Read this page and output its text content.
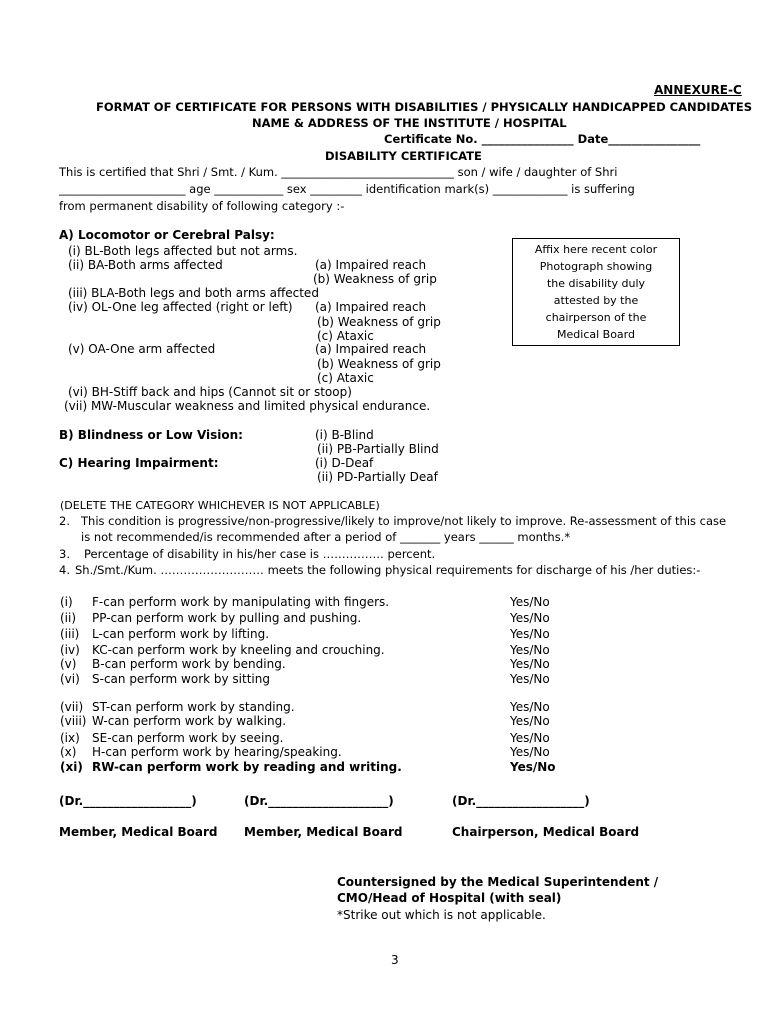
ANNEXURE-C
FORMAT OF CERTIFICATE FOR PERSONS WITH DISABILITIES / PHYSICALLY HANDICAPPED CANDIDATES
NAME & ADDRESS OF THE INSTITUTE / HOSPITAL
Certificate No. ________________ Date________________
DISABILITY CERTIFICATE
This is certified that Shri / Smt. / Kum. ______________________________ son / wife / daughter of Shri
______________________ age ____________ sex _________ identification mark(s) _____________ is suffering
from permanent disability of following category :-
A) Locomotor or Cerebral Palsy:
(i) BL-Both legs affected but not arms.
(ii) BA-Both arms affected	(a) Impaired reach
(b) Weakness of grip
(iii) BLA-Both legs and both arms affected
(iv) OL-One leg affected (right or left) (a) Impaired reach
(b) Weakness of grip
(c) Ataxic
(v) OA-One arm affected	(a) Impaired reach
(b) Weakness of grip
(c) Ataxic
(vi) BH-Stiff back and hips (Cannot sit or stoop)
(vii) MW-Muscular weakness and limited physical endurance.
Affix here recent color
Photograph showing
the disability duly
attested by the
chairperson of the
Medical Board
B) Blindness or Low Vision:	(i) B-Blind
(ii) PB-Partially Blind
C) Hearing Impairment:	(i) D-Deaf
(ii) PD-Partially Deaf
(DELETE THE CATEGORY WHICHEVER IS NOT APPLICABLE)
2. This condition is progressive/non-progressive/likely to improve/not likely to improve. Re-assessment of this case
is not recommended/is recommended after a period of _______ years ______ months.*
3. Percentage of disability in his/her case is ……………. percent.
4. Sh./Smt./Kum. ……………………… meets the following physical requirements for discharge of his /her duties:-
(i) F-can perform work by manipulating with fingers.	Yes/No
(ii) PP-can perform work by pulling and pushing.	Yes/No
(iii) L-can perform work by lifting.	Yes/No
(iv) KC-can perform work by kneeling and crouching.	Yes/No
(v) B-can perform work by bending.	Yes/No
(vi) S-can perform work by sitting	Yes/No
(vii) ST-can perform work by standing.	Yes/No
(viii) W-can perform work by walking.	Yes/No
(ix) SE-can perform work by seeing.	Yes/No
(x) H-can perform work by hearing/speaking.	Yes/No
(xi) RW-can perform work by reading and writing.	Yes/No
(Dr.__________________)	(Dr.____________________)	(Dr.__________________)
Member, Medical Board Member, Medical Board	Chairperson, Medical Board
Countersigned by the Medical Superintendent /
CMO/Head of Hospital (with seal)
*Strike out which is not applicable.
3
